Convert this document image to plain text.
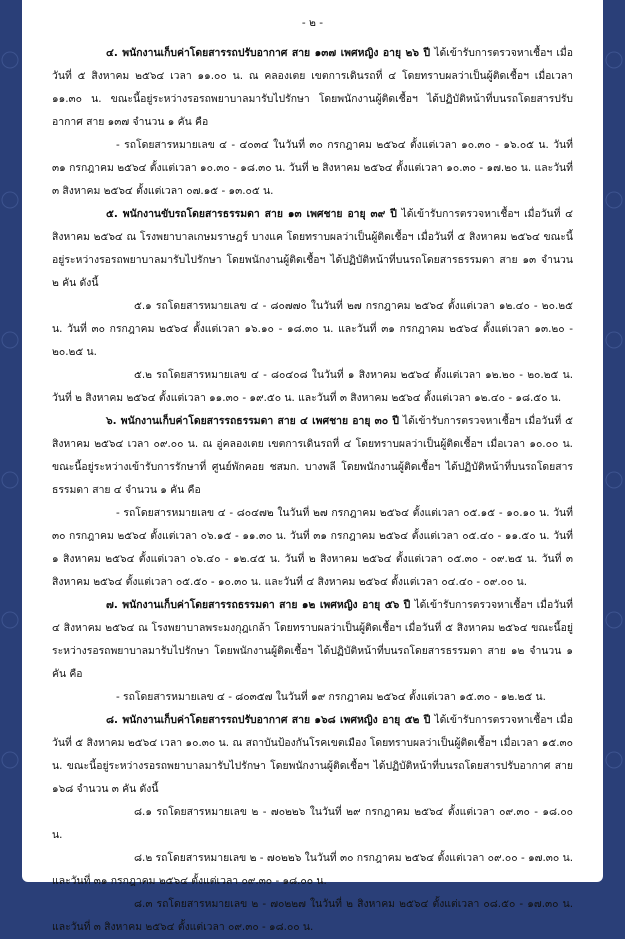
- ๒ -

๔. พนักงานเก็บค่าโดยสารรถปรับอากาศ สาย ๑๓๗ เพศหญิง อายุ ๒๖ ปี ได้เข้ารับการตรวจหาเชื้อฯ เมื่อวันที่ ๕ สิงหาคม ๒๕๖๔ เวลา ๑๑.๐๐ น. ณ คลองเตย เขตการเดินรถที่ ๔ โดยทราบผลว่าเป็นผู้ติดเชื้อฯ เมื่อเวลา ๑๑.๓๐ น. ขณะนี้อยู่ระหว่างรอรถพยาบาลมารับไปรักษา โดยพนักงานผู้ติดเชื้อฯ ได้ปฏิบัติหน้าที่บนรถโดยสารปรับอากาศ สาย ๑๓๗ จำนวน ๑ คัน คือ

- รถโดยสารหมายเลข ๔ - ๔๐๓๔ ในวันที่ ๓๐ กรกฎาคม ๒๕๖๔ ตั้งแต่เวลา ๑๐.๓๐ - ๑๖.๐๕ น. วันที่ ๓๑ กรกฎาคม ๒๕๖๔ ตั้งแต่เวลา ๑๐.๓๐ - ๑๘.๓๐ น. วันที่ ๒ สิงหาคม ๒๕๖๔ ตั้งแต่เวลา ๑๐.๓๐ - ๑๗.๒๐ น. และวันที่ ๓ สิงหาคม ๒๕๖๔ ตั้งแต่เวลา ๐๗.๑๕ - ๑๓.๐๕ น.

๕. พนักงานขับรถโดยสารธรรมดา สาย ๑๓ เพศชาย อายุ ๓๙ ปี ได้เข้ารับการตรวจหาเชื้อฯ เมื่อวันที่ ๔ สิงหาคม ๒๕๖๔ ณ โรงพยาบาลเกษมราษฎร์ บางแค โดยทราบผลว่าเป็นผู้ติดเชื้อฯ เมื่อวันที่ ๕ สิงหาคม ๒๕๖๔ ขณะนี้อยู่ระหว่างรอรถพยาบาลมารับไปรักษา โดยพนักงานผู้ติดเชื้อฯ ได้ปฏิบัติหน้าที่บนรถโดยสารธรรมดา สาย ๑๓ จำนวน ๒ คัน ดังนี้

๕.๑ รถโดยสารหมายเลข ๔ - ๘๐๗๗๐ ในวันที่ ๒๗ กรกฎาคม ๒๕๖๔ ตั้งแต่เวลา ๑๒.๔๐ - ๒๐.๒๕ น. วันที่ ๓๐ กรกฎาคม ๒๕๖๔ ตั้งแต่เวลา ๑๖.๑๐ - ๑๘.๓๐ น. และวันที่ ๓๑ กรกฎาคม ๒๕๖๔ ตั้งแต่เวลา ๑๓.๒๐ - ๒๐.๒๕ น.

๕.๒ รถโดยสารหมายเลข ๔ - ๘๐๔๐๘ ในวันที่ ๑ สิงหาคม ๒๕๖๔ ตั้งแต่เวลา ๑๒.๒๐ - ๒๐.๒๕ น. วันที่ ๒ สิงหาคม ๒๕๖๔ ตั้งแต่เวลา ๑๑.๓๐ - ๑๙.๕๐ น. และวันที่ ๓ สิงหาคม ๒๕๖๔ ตั้งแต่เวลา ๑๒.๔๐ - ๑๘.๕๐ น.

๖. พนักงานเก็บค่าโดยสารรถธรรมดา สาย ๔ เพศชาย อายุ ๓๐ ปี ได้เข้ารับการตรวจหาเชื้อฯ เมื่อวันที่ ๕ สิงหาคม ๒๕๖๔ เวลา ๐๙.๐๐ น. ณ อู่คลองเตย เขตการเดินรถที่ ๔ โดยทราบผลว่าเป็นผู้ติดเชื้อฯ เมื่อเวลา ๑๐.๐๐ น. ขณะนี้อยู่ระหว่างเข้ารับการรักษาที่ ศูนย์พักคอย ชสมก. บางพลี โดยพนักงานผู้ติดเชื้อฯ ได้ปฏิบัติหน้าที่บนรถโดยสารธรรมดา สาย ๔ จำนวน ๑ คัน คือ

- รถโดยสารหมายเลข ๔ - ๘๐๔๗๒ ในวันที่ ๒๗ กรกฎาคม ๒๕๖๔ ตั้งแต่เวลา ๐๕.๑๕ - ๑๐.๑๐ น. วันที่ ๓๐ กรกฎาคม ๒๕๖๔ ตั้งแต่เวลา ๐๖.๑๕ - ๑๑.๓๐ น. วันที่ ๓๑ กรกฎาคม ๒๕๖๔ ตั้งแต่เวลา ๐๕.๔๐ - ๑๑.๕๐ น. วันที่ ๑ สิงหาคม ๒๕๖๔ ตั้งแต่เวลา ๐๖.๔๐ - ๑๒.๔๕ น. วันที่ ๒ สิงหาคม ๒๕๖๔ ตั้งแต่เวลา ๐๕.๓๐ - ๐๙.๒๕ น. วันที่ ๓ สิงหาคม ๒๕๖๔ ตั้งแต่เวลา ๐๕.๕๐ - ๑๐.๓๐ น. และวันที่ ๔ สิงหาคม ๒๕๖๔ ตั้งแต่เวลา ๐๔.๔๐ - ๐๙.๐๐ น.

๗. พนักงานเก็บค่าโดยสารรถธรรมดา สาย ๑๒ เพศหญิง อายุ ๕๖ ปี ได้เข้ารับการตรวจหาเชื้อฯ เมื่อวันที่ ๔ สิงหาคม ๒๕๖๔ ณ โรงพยาบาลพระมงกุฎเกล้า โดยทราบผลว่าเป็นผู้ติดเชื้อฯ เมื่อวันที่ ๕ สิงหาคม ๒๕๖๔ ขณะนี้อยู่ระหว่างรอรถพยาบาลมารับไปรักษา โดยพนักงานผู้ติดเชื้อฯ ได้ปฏิบัติหน้าที่บนรถโดยสารธรรมดา สาย ๑๒ จำนวน ๑ คัน คือ

- รถโดยสารหมายเลข ๔ - ๘๐๓๕๗ ในวันที่ ๑๙ กรกฎาคม ๒๕๖๔ ตั้งแต่เวลา ๑๕.๓๐ - ๑๒.๒๕ น.

๘. พนักงานเก็บค่าโดยสารรถปรับอากาศ สาย ๑๖๘ เพศหญิง อายุ ๕๒ ปี ได้เข้ารับการตรวจหาเชื้อฯ เมื่อวันที่ ๕ สิงหาคม ๒๕๖๔ เวลา ๑๐.๓๐ น. ณ สถาบันป้องกันโรคเขตเมือง โดยทราบผลว่าเป็นผู้ติดเชื้อฯ เมื่อเวลา ๑๕.๓๐ น. ขณะนี้อยู่ระหว่างรอรถพยาบาลมารับไปรักษา โดยพนักงานผู้ติดเชื้อฯ ได้ปฏิบัติหน้าที่บนรถโดยสารปรับอากาศ สาย ๑๖๘ จำนวน ๓ คัน ดังนี้

๘.๑ รถโดยสารหมายเลข ๒ - ๗๐๒๒๖ ในวันที่ ๒๙ กรกฎาคม ๒๕๖๔ ตั้งแต่เวลา ๐๙.๓๐ - ๑๘.๐๐ น.

๘.๒ รถโดยสารหมายเลข ๒ - ๗๐๒๒๖ ในวันที่ ๓๐ กรกฎาคม ๒๕๖๔ ตั้งแต่เวลา ๐๙.๐๐ - ๑๗.๓๐ น. และวันที่ ๓๑ กรกฎาคม ๒๕๖๔ ตั้งแต่เวลา ๐๙.๓๐ - ๑๘.๐๐ น.

๘.๓ รถโดยสารหมายเลข ๒ - ๗๐๒๒๗ ในวันที่ ๒ สิงหาคม ๒๕๖๔ ตั้งแต่เวลา ๐๘.๕๐ - ๑๗.๓๐ น. และวันที่ ๓ สิงหาคม ๒๕๖๔ ตั้งแต่เวลา ๐๙.๓๐ - ๑๘.๐๐ น.
